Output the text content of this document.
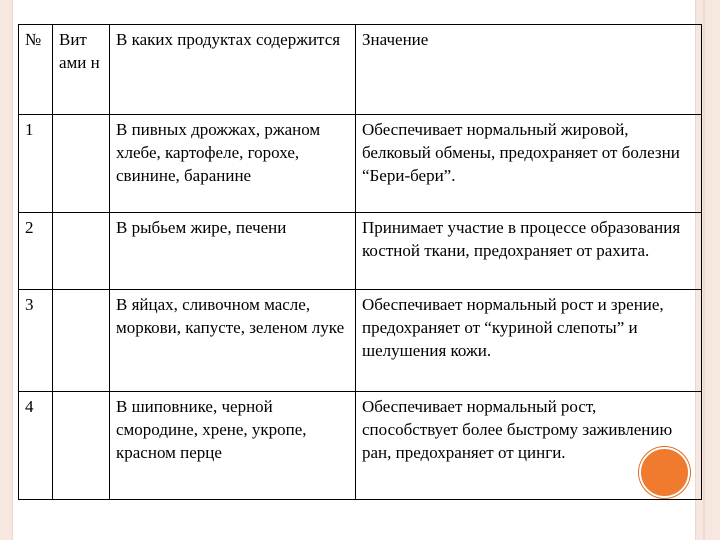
№	Вит ами н	В каких продуктах содержится	Значение
1		В пивных дрожжах, ржаном хлебе, картофеле, горохе, свинине, баранине	Обеспечивает нормальный жировой, белковый обмены, предохраняет от болезни “Бери-бери”.
2		В рыбьем жире, печени	Принимает участие в процессе образования костной ткани, предохраняет от рахита.
3		В яйцах, сливочном масле, моркови, капусте, зеленом луке	Обеспечивает нормальный рост и зрение, предохраняет от “куриной слепоты” и шелушения кожи.
4		В шиповнике, черной смородине, хрене, укропе, красном перце	Обеспечивает нормальный рост, способствует более быстрому заживлению ран, предохраняет от цинги.
